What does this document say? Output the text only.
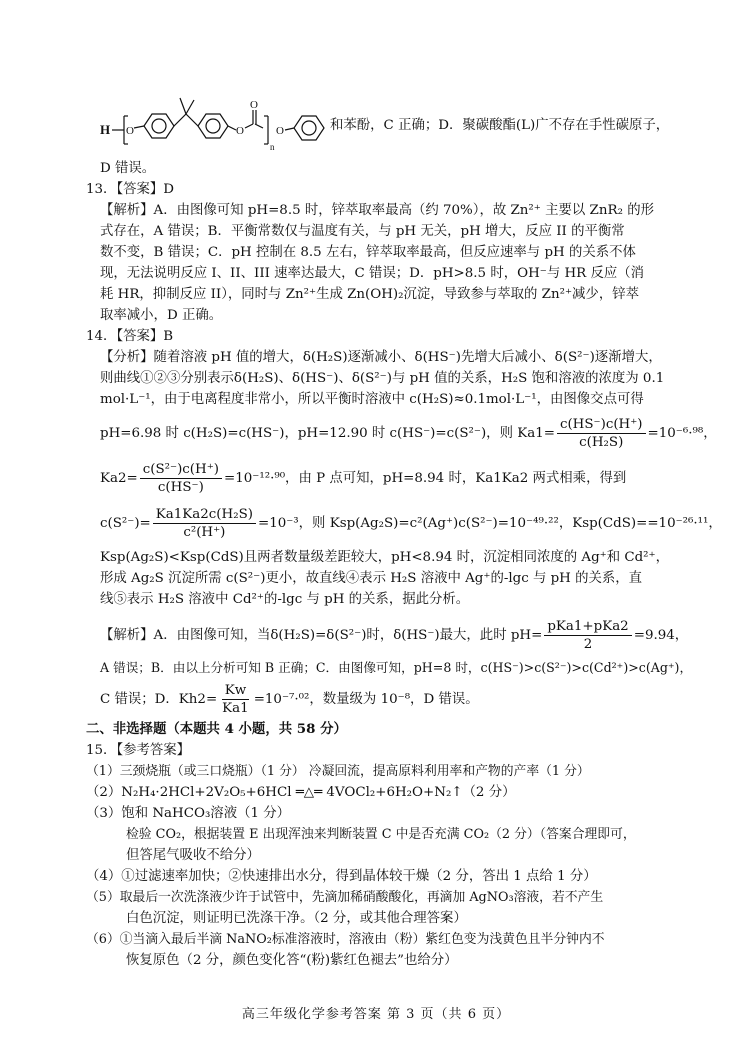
H O	O
O
n
O	和苯酚，C 正确；D．聚碳酸酯(L)广不存在手性碳原子，
D 错误。
13．【答案】D
【解析】A．由图像可知 pH=8.5 时，锌萃取率最高（约 70%），故 Zn²⁺ 主要以 ZnR₂ 的形
式存在，A 错误；B．平衡常数仅与温度有关，与 pH 无关，pH 增大，反应 II 的平衡常
数不变，B 错误；C．pH 控制在 8.5 左右，锌萃取率最高，但反应速率与 pH 的关系不体
现，无法说明反应 I、II、III 速率达最大，C 错误；D．pH>8.5 时，OH⁻与 HR 反应（消
耗 HR，抑制反应 II），同时与 Zn²⁺生成 Zn(OH)₂沉淀，导致参与萃取的 Zn²⁺减少，锌萃
取率减小，D 正确。
14．【答案】B
【分析】随着溶液 pH 值的增大，δ(H₂S)逐渐减小、δ(HS⁻)先增大后减小、δ(S²⁻)逐渐增大，
则曲线①②③分别表示δ(H₂S)、δ(HS⁻)、δ(S²⁻)与 pH 值的关系，H₂S 饱和溶液的浓度为 0.1
mol·L⁻¹，由于电离程度非常小，所以平衡时溶液中 c(H₂S)≈0.1mol·L⁻¹，由图像交点可得
pH=6.98 时 c(H₂S)=c(HS⁻)，pH=12.90 时 c(HS⁻)=c(S²⁻)，则 $Ka1= \frac{c(HS^-)c(H^+)}{\text{c(H₂S)}} =10^{-6}\cdot^{98}$，
$Ka2= \frac{\text{c(S²⁻)c(H⁺)}}{c(HS^-)} =10^{-12}\cdot^{90}$，由 P 点可知，pH=8.94 时，Ka1Ka2 两式相乘，得到
$c(S^{2-})= \frac{\text{Ka1Ka2c(H₂S)}}{\text{c²(H⁺)}} =10^{-3}$，则 Ksp(Ag₂S)=c²(Ag⁺)c(S²⁻)=10⁻⁴⁹·²²，Ksp(CdS)==10⁻²⁶·¹¹，
Ksp(Ag₂S)<Ksp(CdS)且两者数量级差距较大，pH<8.94 时，沉淀相同浓度的 Ag⁺和 Cd²⁺，
形成 Ag₂S 沉淀所需 c(S²⁻)更小，故直线④表示 H₂S 溶液中 Ag⁺的-lgc 与 pH 的关系，直
线⑤表示 H₂S 溶液中 Cd²⁺的-lgc 与 pH 的关系，据此分析。
【解析】A．由图像可知，当δ(H₂S)=δ(S²⁻)时，δ(HS⁻)最大，此时 $pH= \frac{\text{pKa1+pKa2}}{2} =9.94$，
A 错误；B．由以上分析可知 B 正确；C．由图像可知，pH=8 时，c(HS⁻)>c(S²⁻)>c(Cd²⁺)>c(Ag⁺)，
C 错误；D．$Kh2= \frac{Kw}{Ka1} =10^{-7}\cdot^{02}$，数量级为 10⁻⁸，D 错误。
二、非选择题（本题共 4 小题，共 58 分）
15．【参考答案】
（1）三颈烧瓶（或三口烧瓶）（1 分） 冷凝回流，提高原料利用率和产物的产率（1 分）
（2）N₂H₄·2HCl+2V₂O₅+6HCl ═△═ 4VOCl₂+6H₂O+N₂↑（2 分）
（3）饱和 NaHCO₃溶液（1 分）
检验 CO₂，根据装置 E 出现浑浊来判断装置 C 中是否充满 CO₂（2 分）（答案合理即可，
但答尾气吸收不给分）
（4）①过滤速率加快；②快速排出水分，得到晶体较干燥（2 分，答出 1 点给 1 分）
（5）取最后一次洗涤液少许于试管中，先滴加稀硝酸酸化，再滴加 AgNO₃溶液，若不产生
白色沉淀，则证明已洗涤干净。（2 分，或其他合理答案）
（6）①当滴入最后半滴 NaNO₂标准溶液时，溶液由（粉）紫红色变为浅黄色且半分钟内不
恢复原色（2 分，颜色变化答“(粉)紫红色褪去”也给分）
高三年级化学参考答案 第 3 页（共 6 页）
